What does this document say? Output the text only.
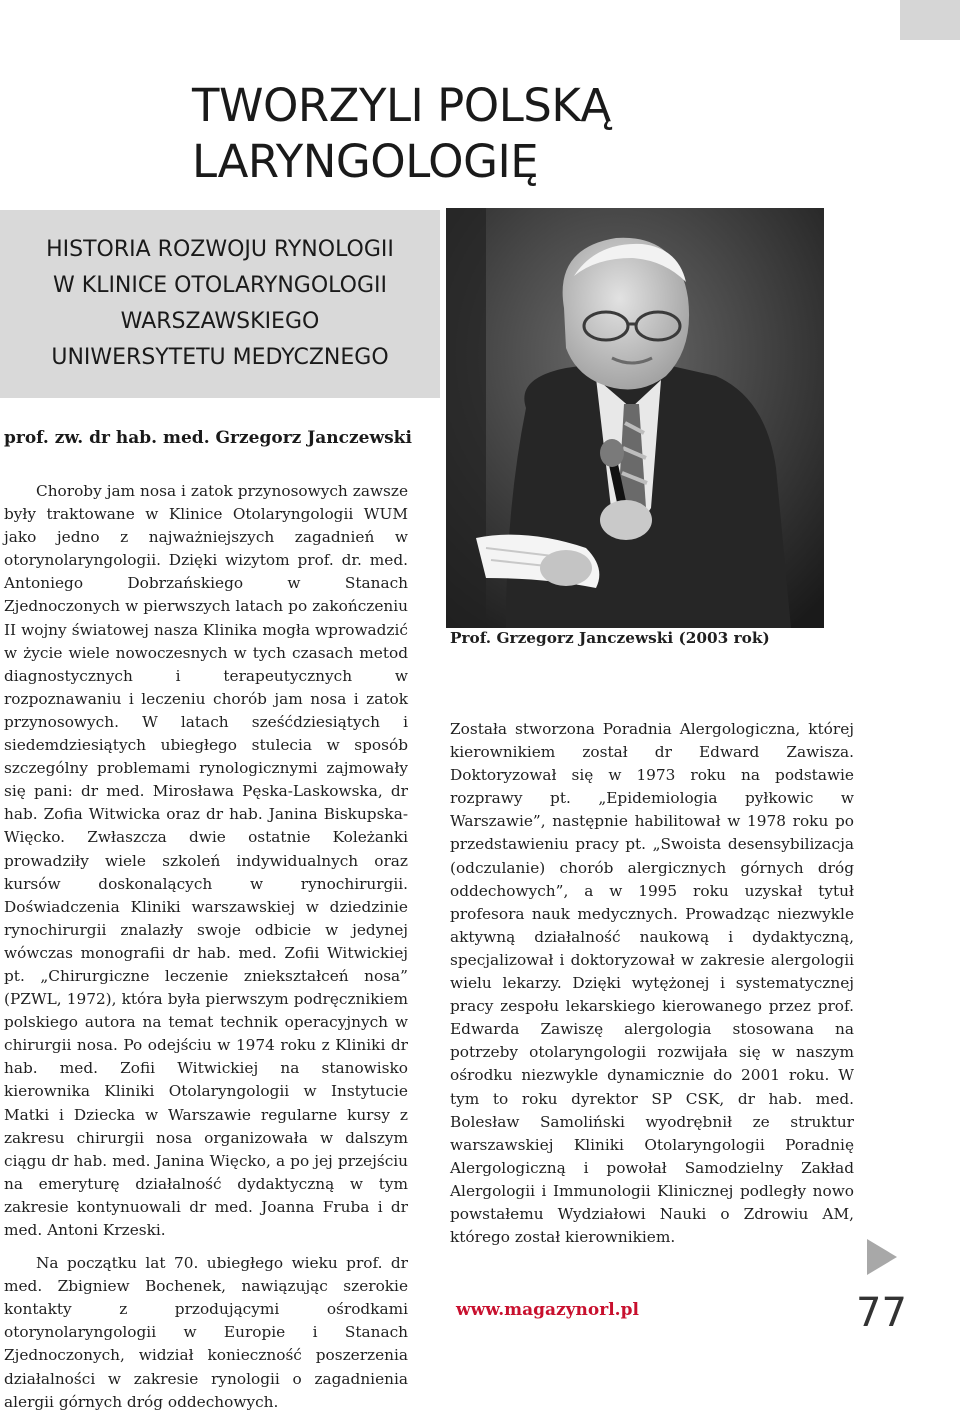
TWORZYLI POLSKĄ LARYNGOLOGIĘ
HISTORIA ROZWOJU RYNOLOGII
W KLINICE OTOLARYNGOLOGII
WARSZAWSKIEGO
UNIWERSYTETU MEDYCZNEGO

prof. zw. dr hab. med. Grzegorz Janczewski

Prof. Grzegorz Janczewski (2003 rok)

Choroby jam nosa i zatok przynosowych zawsze były traktowane w Klinice Otolaryngologii WUM jako jedno z najważniejszych zagadnień w otorynolaryngologii. Dzięki wizytom prof. dr. med. Antoniego Dobrzańskiego w Stanach Zjednoczonych w pierwszych latach po zakończeniu II wojny światowej nasza Klinika mogła wprowadzić w życie wiele nowoczesnych w tych czasach metod diagnostycznych i terapeutycznych w rozpoznawaniu i leczeniu chorób jam nosa i zatok przynosowych. W latach sześćdziesiątych i siedemdziesiątych ubiegłego stulecia w sposób szczególny problemami rynologicznymi zajmowały się pani: dr med. Mirosława Pęska-Laskowska, dr hab. Zofia Witwicka oraz dr hab. Janina Biskupska-Więcko. Zwłaszcza dwie ostatnie Koleżanki prowadziły wiele szkoleń indywidualnych oraz kursów doskonalących w rynochirurgii. Doświadczenia Kliniki warszawskiej w dziedzinie rynochirurgii znalazły swoje odbicie w jedynej wówczas monografii dr hab. med. Zofii Witwickiej pt. „Chirurgiczne leczenie zniekształceń nosa” (PZWL, 1972), która była pierwszym podręcznikiem polskiego autora na temat technik operacyjnych w chirurgii nosa. Po odejściu w 1974 roku z Kliniki dr hab. med. Zofii Witwickiej na stanowisko kierownika Kliniki Otolaryngologii w Instytucie Matki i Dziecka w Warszawie regularne kursy z zakresu chirurgii nosa organizowała w dalszym ciągu dr hab. med. Janina Więcko, a po jej przejściu na emeryturę działalność dydaktyczną w tym zakresie kontynuowali dr med. Joanna Fruba i dr med. Antoni Krzeski.

Na początku lat 70. ubiegłego wieku prof. dr med. Zbigniew Bochenek, nawiązując szerokie kontakty z przodującymi ośrodkami otorynolaryngologii w Europie i Stanach Zjednoczonych, widział konieczność poszerzenia działalności w zakresie rynologii o zagadnienia alergii górnych dróg oddechowych.

Została stworzona Poradnia Alergologiczna, której kierownikiem został dr Edward Zawisza. Doktoryzował się w 1973 roku na podstawie rozprawy pt. „Epidemiologia pyłkowic w Warszawie”, następnie habilitował w 1978 roku po przedstawieniu pracy pt. „Swoista desensybilizacja (odczulanie) chorób alergicznych górnych dróg oddechowych”, a w 1995 roku uzyskał tytuł profesora nauk medycznych. Prowadząc niezwykle aktywną działalność naukową i dydaktyczną, specjalizował i doktoryzował w zakresie alergologii wielu lekarzy. Dzięki wytężonej i systematycznej pracy zespołu lekarskiego kierowanego przez prof. Edwarda Zawiszę alergologia stosowana na potrzeby otolaryngologii rozwijała się w naszym ośrodku niezwykle dynamicznie do 2001 roku. W tym to roku dyrektor SP CSK, dr hab. med. Bolesław Samoliński wyodrębnił ze struktur warszawskiej Kliniki Otolaryngologii Poradnię Alergologiczną i powołał Samodzielny Zakład Alergologii i Immunologii Klinicznej podległy nowo powstałemu Wydziałowi Nauki o Zdrowiu AM, którego został kierownikiem.

www.magazynorl.pl	77
